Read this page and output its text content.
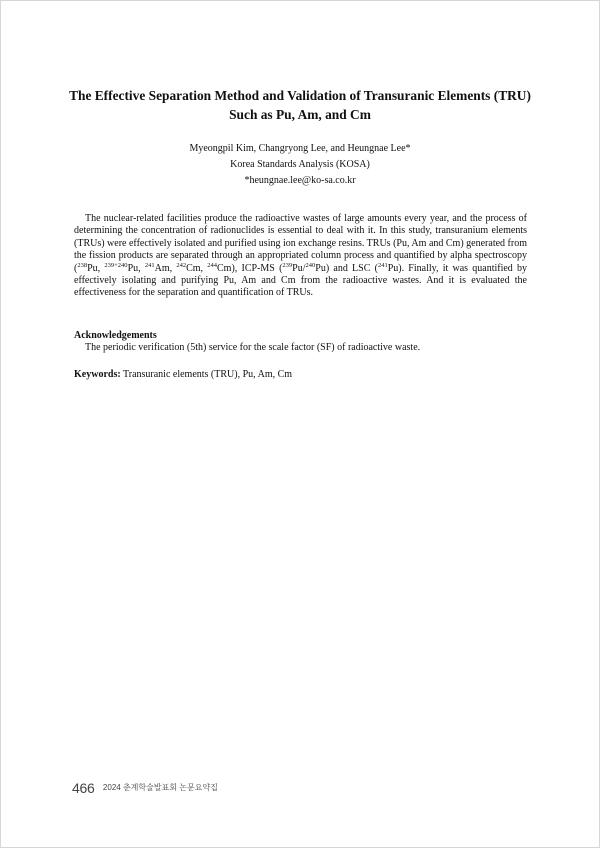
The Effective Separation Method and Validation of Transuranic Elements (TRU)
Such as Pu, Am, and Cm
Myeongpil Kim, Changryong Lee, and Heungnae Lee*
Korea Standards Analysis (KOSA)
*heungnae.lee@ko-sa.co.kr

The nuclear-related facilities produce the radioactive wastes of large amounts every year, and the process of determining the concentration of radionuclides is essential to deal with it. In this study, transuranium elements (TRUs) were effectively isolated and purified using ion exchange resins. TRUs (Pu, Am and Cm) generated from the fission products are separated through an appropriated column process and quantified by alpha spectroscopy ($^{238}$Pu, $^{239+240}$Pu, $^{241}$Am, $^{242}$Cm, $^{244}$Cm), ICP-MS ($^{239}$Pu/$^{240}$Pu) and LSC ($^{241}$Pu). Finally, it was quantified by effectively isolating and purifying Pu, Am and Cm from the radioactive wastes. And it is evaluated the effectiveness for the separation and quantification of TRUs.

Acknowledgements
The periodic verification (5th) service for the scale factor (SF) of radioactive waste.
Keywords: Transuranic elements (TRU), Pu, Am, Cm
466 2024 춘계학술발표회 논문요약집
